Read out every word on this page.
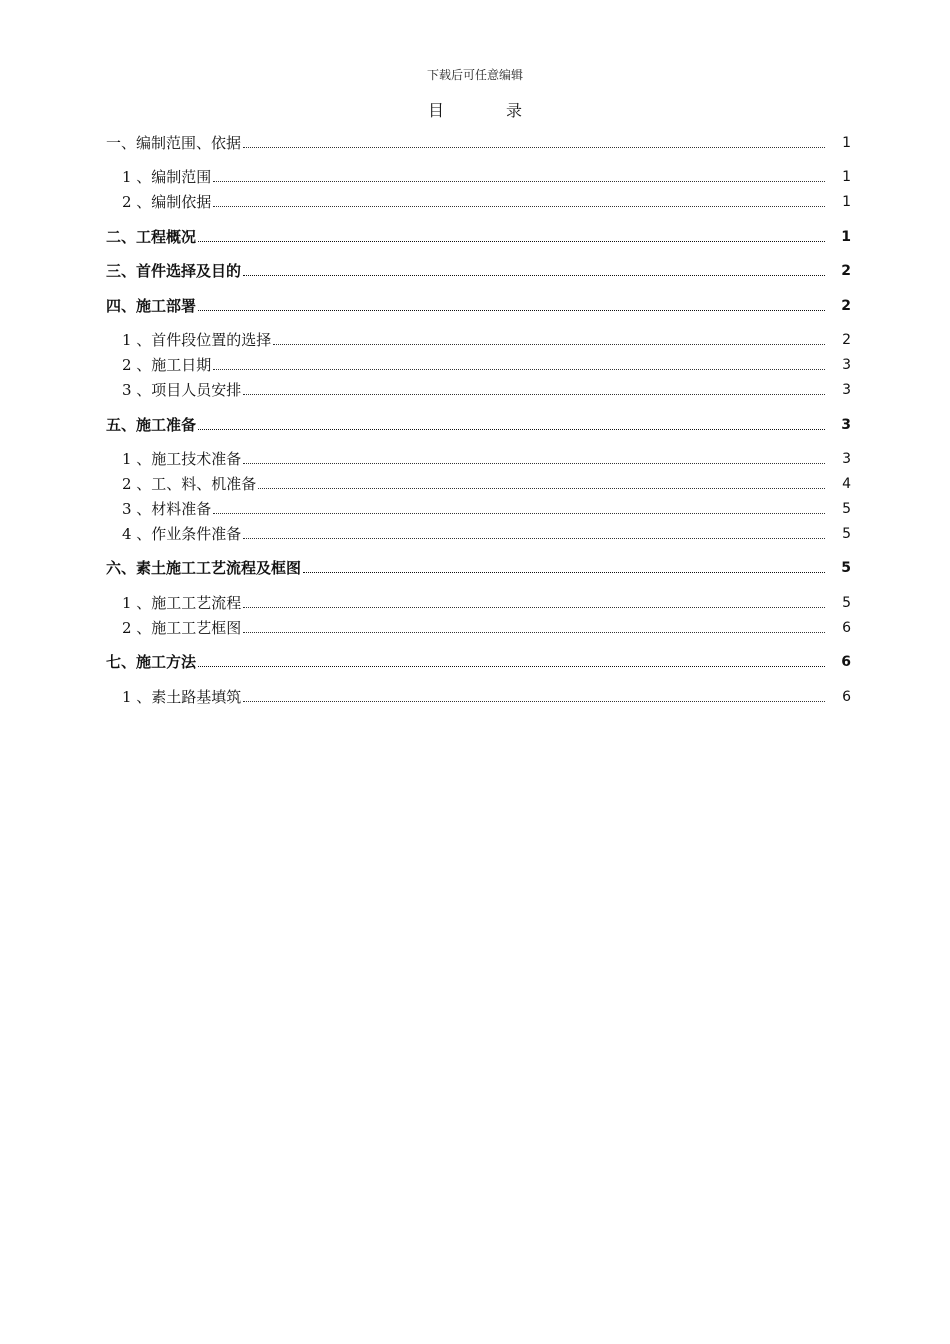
下载后可任意编辑
目	录
一、编制范围、依据	1
1 、编制范围	1
2 、编制依据	1
二、工程概况	1
三、首件选择及目的	2
四、施工部署	2
1 、首件段位置的选择	2
2 、施工日期	3
3 、项目人员安排	3
五、施工准备	3
1 、施工技术准备	3
2 、工、料、机准备	4
3 、材料准备	5
4 、作业条件准备	5
六、素土施工工艺流程及框图	5
1 、施工工艺流程	5
2 、施工工艺框图	6
七、施工方法	6
1 、素土路基填筑	6
